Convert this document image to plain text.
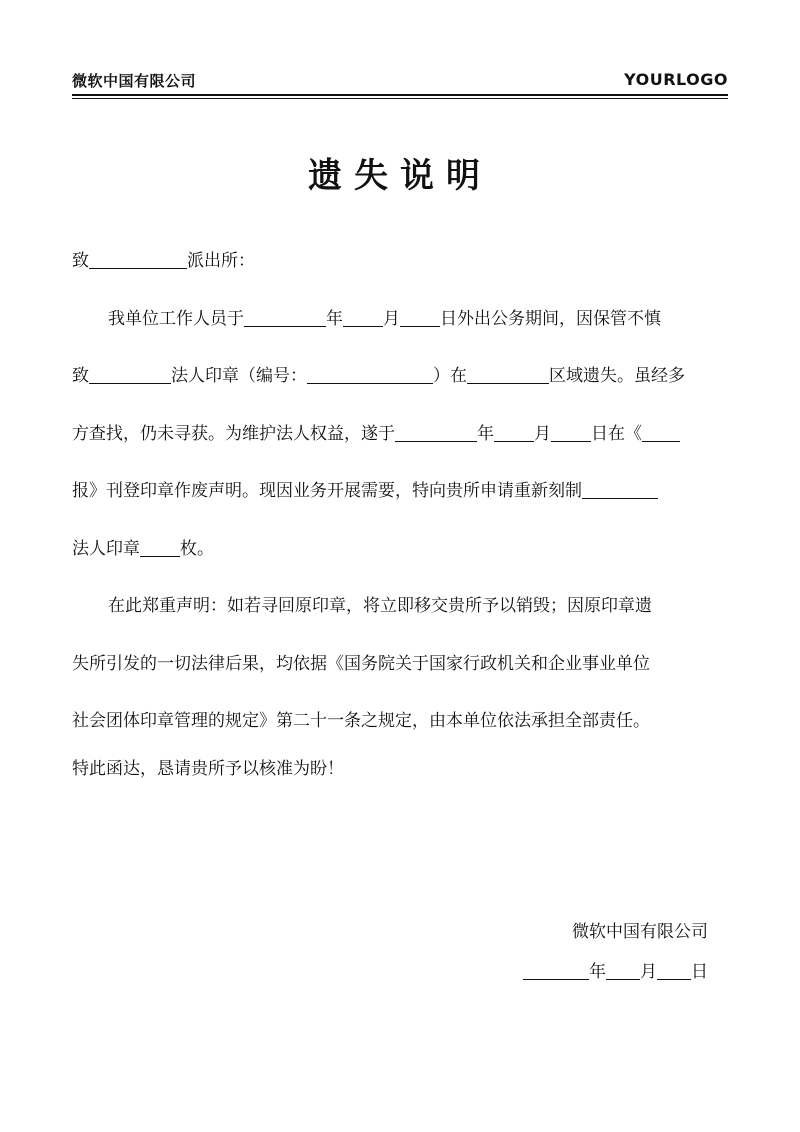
微软中国有限公司	YOURLOGO
遗失说明
致	派出所：
我单位工作人员于	年 月 日外出公务期间，因保管不慎
致	法人印章（编号：	）在	区域遗失。虽经多
方查找，仍未寻获。为维护法人权益，遂于	年 月 日在《
报》刊登印章作废声明。现因业务开展需要，特向贵所申请重新刻制
法人印章 枚。
在此郑重声明：如若寻回原印章，将立即移交贵所予以销毁；因原印章遗
失所引发的一切法律后果，均依据《国务院关于国家行政机关和企业事业单位
社会团体印章管理的规定》第二十一条之规定，由本单位依法承担全部责任。
特此函达，恳请贵所予以核准为盼！
微软中国有限公司
年 月 日
